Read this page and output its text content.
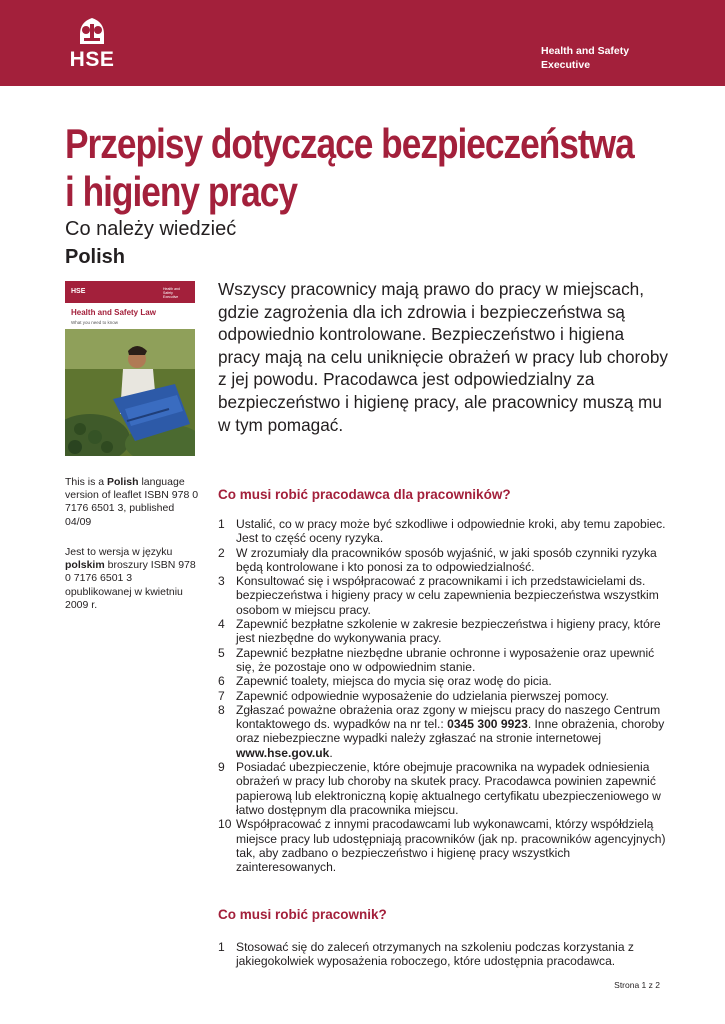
HSE	Health and Safety
Executive
Przepisy dotyczące bezpieczeństwa
i higieny pracy
Co należy wiedzieć
Polish
HSE	Health and Safety
Executive
Health and Safety Law
What you need to know
Wszyscy pracownicy mają prawo do pracy w miejscach, gdzie zagrożenia dla ich zdrowia i bezpieczeństwa są odpowiednio kontrolowane. Bezpieczeństwo i higiena pracy mają na celu uniknięcie obrażeń w pracy lub choroby z jej powodu. Pracodawca jest odpowiedzialny za bezpieczeństwo i higienę pracy, ale pracownicy muszą mu w tym pomagać.
This is a Polish language version of leaflet ISBN 978 0 7176 6501 3, published 04/09
Jest to wersja w języku polskim broszury ISBN 978 0 7176 6501 3 opublikowanej w kwietniu 2009 r.
Co musi robić pracodawca dla pracowników?
1 Ustalić, co w pracy może być szkodliwe i odpowiednie kroki, aby temu zapobiec. Jest to część oceny ryzyka.
2 W zrozumiały dla pracowników sposób wyjaśnić, w jaki sposób czynniki ryzyka będą kontrolowane i kto ponosi za to odpowiedzialność.
3 Konsultować się i współpracować z pracownikami i ich przedstawicielami ds. bezpieczeństwa i higieny pracy w celu zapewnienia bezpieczeństwa wszystkim osobom w miejscu pracy.
4 Zapewnić bezpłatne szkolenie w zakresie bezpieczeństwa i higieny pracy, które jest niezbędne do wykonywania pracy.
5 Zapewnić bezpłatne niezbędne ubranie ochronne i wyposażenie oraz upewnić się, że pozostaje ono w odpowiednim stanie.
6 Zapewnić toalety, miejsca do mycia się oraz wodę do picia.
7 Zapewnić odpowiednie wyposażenie do udzielania pierwszej pomocy.
8 Zgłaszać poważne obrażenia oraz zgony w miejscu pracy do naszego Centrum kontaktowego ds. wypadków na nr tel.: 0345 300 9923. Inne obrażenia, choroby oraz niebezpieczne wypadki należy zgłaszać na stronie internetowej www.hse.gov.uk.
9 Posiadać ubezpieczenie, które obejmuje pracownika na wypadek odniesienia obrażeń w pracy lub choroby na skutek pracy. Pracodawca powinien zapewnić papierową lub elektroniczną kopię aktualnego certyfikatu ubezpieczeniowego w łatwo dostępnym dla pracownika miejscu.
10 Współpracować z innymi pracodawcami lub wykonawcami, którzy współdzielą miejsce pracy lub udostępniają pracowników (jak np. pracowników agencyjnych) tak, aby zadbano o bezpieczeństwo i higienę pracy wszystkich zainteresowanych.
Co musi robić pracownik?
1 Stosować się do zaleceń otrzymanych na szkoleniu podczas korzystania z jakiegokolwiek wyposażenia roboczego, które udostępnia pracodawca.
Strona 1 z 2
